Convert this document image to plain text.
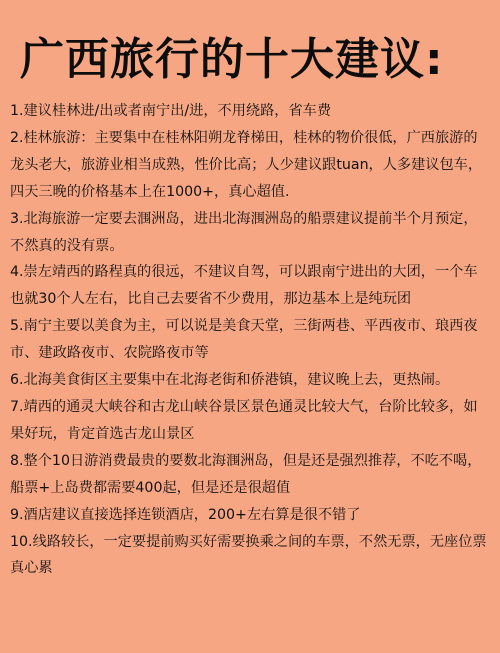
广西旅行的十大建议:

1.建议桂林进/出或者南宁出/进，不用绕路，省车费

2.桂林旅游：主要集中在桂林阳朔龙脊梯田，桂林的物价很低，广西旅游的龙头老大，旅游业相当成熟，性价比高；人少建议跟tuan，人多建议包车，四天三晚的价格基本上在1000+，真心超值.

3.北海旅游一定要去涠洲岛，进出北海涠洲岛的船票建议提前半个月预定，不然真的没有票。

4.崇左靖西的路程真的很远，不建议自驾，可以跟南宁进出的大团，一个车也就30个人左右，比自己去要省不少费用，那边基本上是纯玩团

5.南宁主要以美食为主，可以说是美食天堂，三街两巷、平西夜市、琅西夜市、建政路夜市、农院路夜市等

6.北海美食街区主要集中在北海老街和侨港镇，建议晚上去，更热闹。

7.靖西的通灵大峡谷和古龙山峡谷景区景色通灵比较大气，台阶比较多，如果好玩，肯定首选古龙山景区

8.整个10日游消费最贵的要数北海涠洲岛，但是还是强烈推荐，不吃不喝，船票+上岛费都需要400起，但是还是很超值

9.酒店建议直接选择连锁酒店，200+左右算是很不错了

10.线路较长，一定要提前购买好需要换乘之间的车票，不然无票，无座位票真心累
